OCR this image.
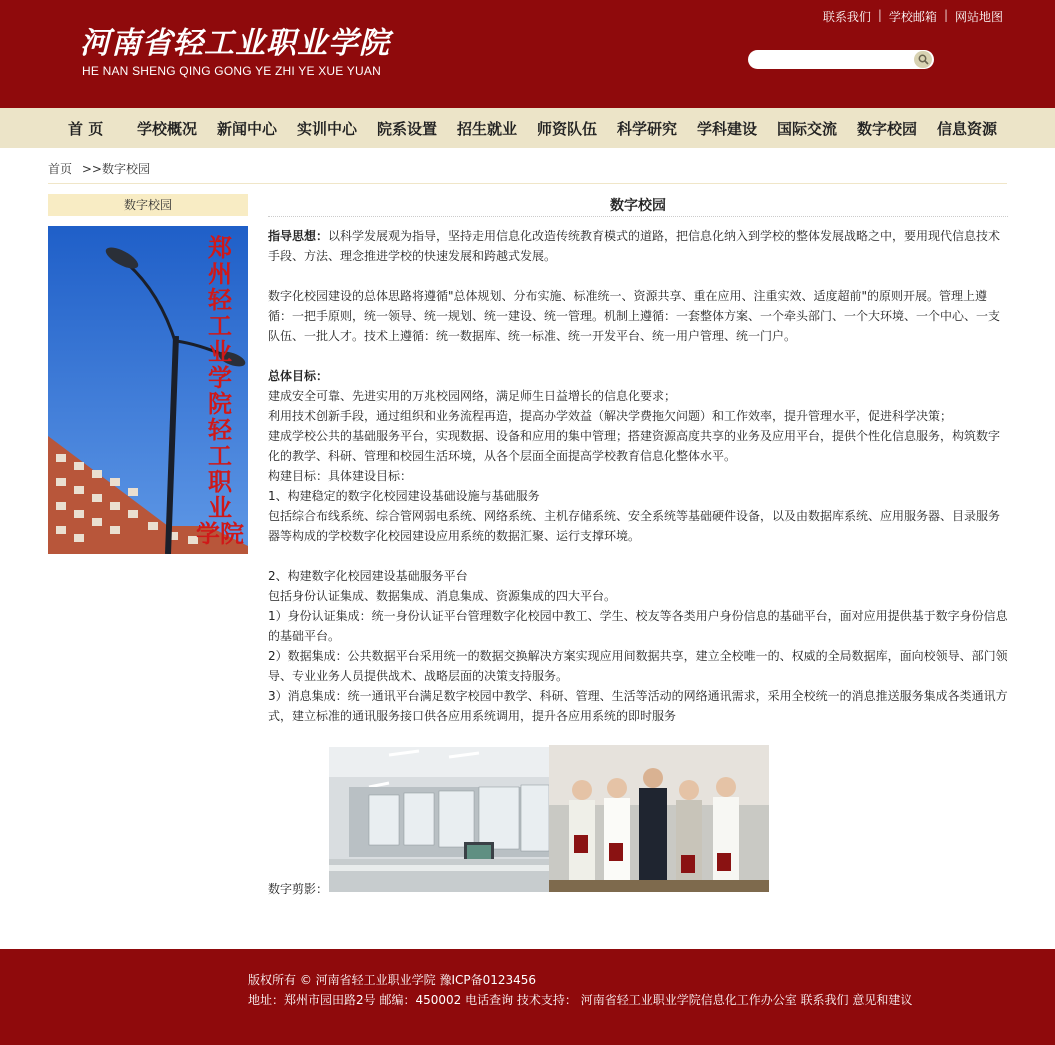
河南省轻工业职业学院
HE NAN SHENG QING GONG YE ZHI YE XUE YUAN
联系我们 | 学校邮箱 | 网站地图
首 页 学校概况 新闻中心 实训中心 院系设置 招生就业 师资队伍 科学研究 学科建设 国际交流 数字校园 信息资源
首页 >>数字校园
数字校园
郑
州
轻
工
业
学
院
轻
工
职
业
学院
数字校园

指导思想：以科学发展观为指导，坚持走用信息化改造传统教育模式的道路，把信息化纳入到学校的整体发展战略之中，要用现代信息技术手段、方法、理念推进学校的快速发展和跨越式发展。

数字化校园建设的总体思路将遵循"总体规划、分布实施、标准统一、资源共享、重在应用、注重实效、适度超前"的原则开展。管理上遵循：一把手原则，统一领导、统一规划、统一建设、统一管理。机制上遵循：一套整体方案、一个牵头部门、一个大环境、一个中心、一支队伍、一批人才。技术上遵循：统一数据库、统一标准、统一开发平台、统一用户管理、统一门户。

总体目标：

建成安全可靠、先进实用的万兆校园网络，满足师生日益增长的信息化要求；

利用技术创新手段，通过组织和业务流程再造，提高办学效益（解决学费拖欠问题）和工作效率，提升管理水平，促进科学决策；

建成学校公共的基础服务平台，实现数据、设备和应用的集中管理；搭建资源高度共享的业务及应用平台，提供个性化信息服务，构筑数字化的教学、科研、管理和校园生活环境，从各个层面全面提高学校教育信息化整体水平。

构建目标：具体建设目标：

1、构建稳定的数字化校园建设基础设施与基础服务

包括综合布线系统、综合管网弱电系统、网络系统、主机存储系统、安全系统等基础硬件设备，以及由数据库系统、应用服务器、目录服务器等构成的学校数字化校园建设应用系统的数据汇聚、运行支撑环境。

2、构建数字化校园建设基础服务平台

包括身份认证集成、数据集成、消息集成、资源集成的四大平台。

1）身份认证集成：统一身份认证平台管理数字化校园中教工、学生、校友等各类用户身份信息的基础平台，面对应用提供基于数字身份信息的基础平台。

2）数据集成：公共数据平台采用统一的数据交换解决方案实现应用间数据共享，建立全校唯一的、权威的全局数据库，面向校领导、部门领导、专业业务人员提供战术、战略层面的决策支持服务。

3）消息集成：统一通讯平台满足数字校园中教学、科研、管理、生活等活动的网络通讯需求，采用全校统一的消息推送服务集成各类通讯方式，建立标准的通讯服务接口供各应用系统调用，提升各应用系统的即时服务

数字剪影：
版权所有 © 河南省轻工业职业学院 豫ICP备0123456
地址：郑州市园田路2号 邮编：450002 电话查询 技术支持： 河南省轻工业职业学院信息化工作办公室 联系我们 意见和建议
